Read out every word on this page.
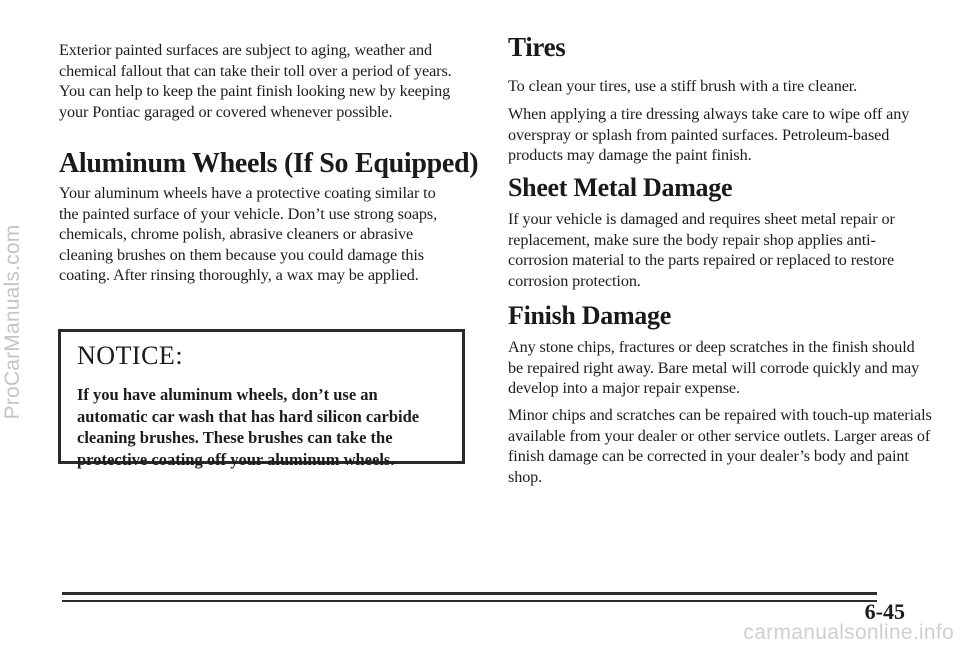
ProCarManuals.com

Exterior painted surfaces are subject to aging, weather and chemical fallout that can take their toll over a period of years. You can help to keep the paint finish looking new by keeping your Pontiac garaged or covered whenever possible.

Aluminum Wheels (If So Equipped)

Your aluminum wheels have a protective coating similar to the painted surface of your vehicle. Don’t use strong soaps, chemicals, chrome polish, abrasive cleaners or abrasive cleaning brushes on them because you could damage this coating. After rinsing thoroughly, a wax may be applied.

NOTICE:

If you have aluminum wheels, don’t use an automatic car wash that has hard silicon carbide cleaning brushes. These brushes can take the protective coating off your aluminum wheels.

Tires

To clean your tires, use a stiff brush with a tire cleaner.

When applying a tire dressing always take care to wipe off any overspray or splash from painted surfaces. Petroleum-based products may damage the paint finish.

Sheet Metal Damage

If your vehicle is damaged and requires sheet metal repair or replacement, make sure the body repair shop applies anti-corrosion material to the parts repaired or replaced to restore corrosion protection.

Finish Damage

Any stone chips, fractures or deep scratches in the finish should be repaired right away. Bare metal will corrode quickly and may develop into a major repair expense.

Minor chips and scratches can be repaired with touch-up materials available from your dealer or other service outlets. Larger areas of finish damage can be corrected in your dealer’s body and paint shop.

6-45
carmanualsonline.info
